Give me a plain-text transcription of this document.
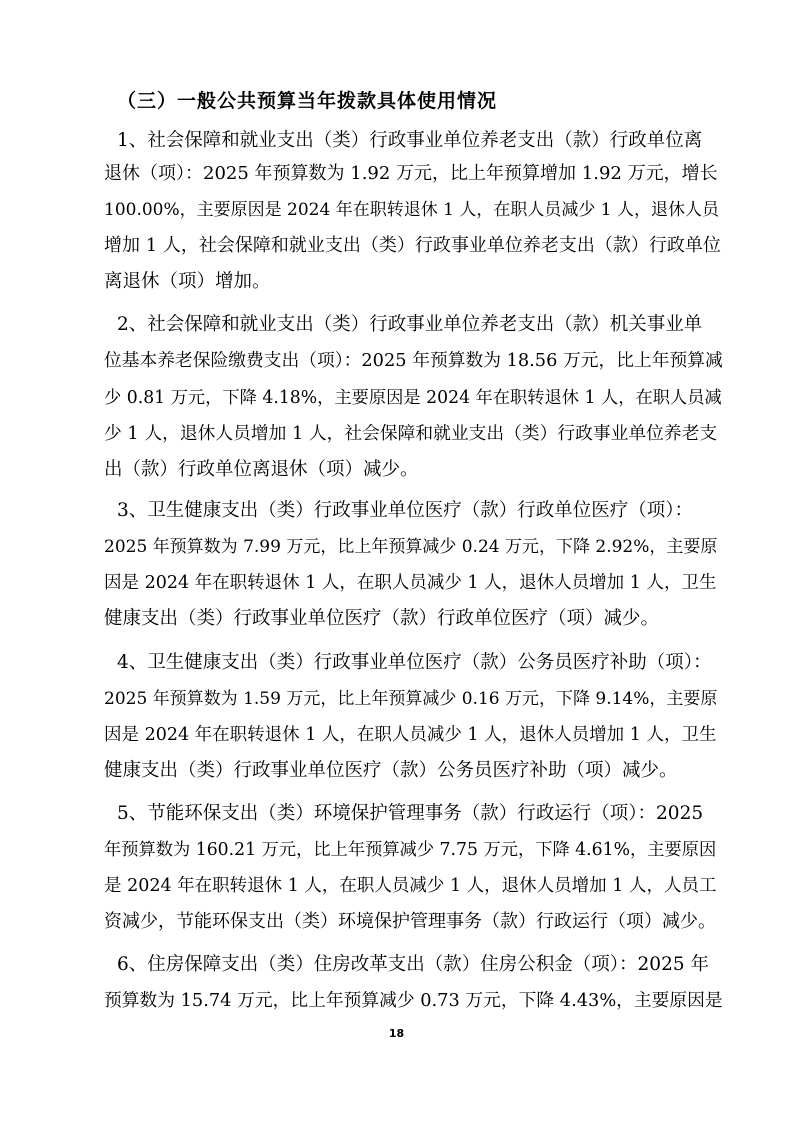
（三）一般公共预算当年拨款具体使用情况
1、社会保障和就业支出（类）行政事业单位养老支出（款）行政单位离
退休（项）：2025 年预算数为 1.92 万元，比上年预算增加 1.92 万元，增长
100.00%，主要原因是 2024 年在职转退休 1 人，在职人员减少 1 人，退休人员
增加 1 人，社会保障和就业支出（类）行政事业单位养老支出（款）行政单位
离退休（项）增加。
2、社会保障和就业支出（类）行政事业单位养老支出（款）机关事业单
位基本养老保险缴费支出（项）：2025 年预算数为 18.56 万元，比上年预算减
少 0.81 万元，下降 4.18%，主要原因是 2024 年在职转退休 1 人，在职人员减
少 1 人，退休人员增加 1 人，社会保障和就业支出（类）行政事业单位养老支
出（款）行政单位离退休（项）减少。
3、卫生健康支出（类）行政事业单位医疗（款）行政单位医疗（项）：
2025 年预算数为 7.99 万元，比上年预算减少 0.24 万元，下降 2.92%，主要原
因是 2024 年在职转退休 1 人，在职人员减少 1 人，退休人员增加 1 人，卫生
健康支出（类）行政事业单位医疗（款）行政单位医疗（项）减少。
4、卫生健康支出（类）行政事业单位医疗（款）公务员医疗补助（项）：
2025 年预算数为 1.59 万元，比上年预算减少 0.16 万元，下降 9.14%，主要原
因是 2024 年在职转退休 1 人，在职人员减少 1 人，退休人员增加 1 人，卫生
健康支出（类）行政事业单位医疗（款）公务员医疗补助（项）减少。
5、节能环保支出（类）环境保护管理事务（款）行政运行（项）：2025
年预算数为 160.21 万元，比上年预算减少 7.75 万元，下降 4.61%，主要原因
是 2024 年在职转退休 1 人，在职人员减少 1 人，退休人员增加 1 人，人员工
资减少，节能环保支出（类）环境保护管理事务（款）行政运行（项）减少。
6、住房保障支出（类）住房改革支出（款）住房公积金（项）：2025 年
预算数为 15.74 万元，比上年预算减少 0.73 万元，下降 4.43%，主要原因是
18
